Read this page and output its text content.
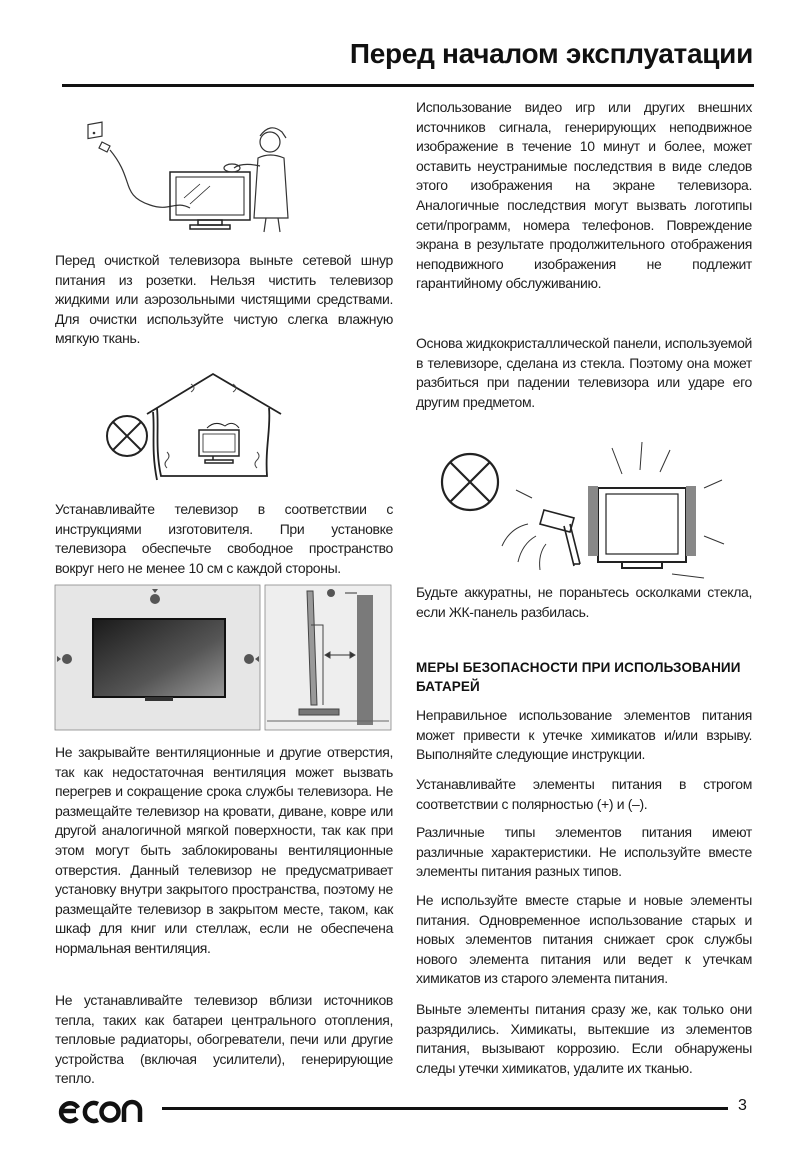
Перед началом эксплуатации

Перед очисткой телевизора выньте сетевой шнур питания из розетки. Нельзя чистить телевизор жидкими или аэрозольными чистящими средствами. Для очистки используйте чистую слегка влажную мягкую ткань.

Устанавливайте телевизор в соответствии с инструкциями изготовителя. При установке телевизора обеспечьте свободное пространство вокруг него не менее 10 см с каждой стороны.

Не закрывайте вентиляционные и другие отверстия, так как недостаточная вентиляция может вызвать перегрев и сокращение срока службы телевизора. Не размещайте телевизор на кровати, диване, ковре или другой аналогичной мягкой поверхности, так как при этом могут быть заблокированы вентиляционные отверстия. Данный телевизор не предусматривает установку внутри закрытого пространства, поэтому не размещайте телевизор в закрытом месте, таком, как шкаф для книг или стеллаж, если не обеспечена нормальная вентиляция.

Не устанавливайте телевизор вблизи источников тепла, таких как батареи центрального отопления, тепловые радиаторы, обогреватели, печи или другие устройства (включая усилители), генерирующие тепло.

Использование видео игр или других внешних источников сигнала, генерирующих неподвижное изображение в течение 10 минут и более, может оставить неустранимые последствия в виде следов этого изображения на экране телевизора. Аналогичные последствия могут вызвать логотипы сети/программ, номера телефонов. Повреждение экрана в результате продолжительного отображения неподвижного изображения не подлежит гарантийному обслуживанию.

Основа жидкокристаллической панели, используемой в телевизоре, сделана из стекла. Поэтому она может разбиться при падении телевизора или ударе его другим предметом.

Будьте аккуратны, не пораньтесь осколками стекла, если ЖК-панель разбилась.

МЕРЫ БЕЗОПАСНОСТИ ПРИ ИСПОЛЬЗОВАНИИ
БАТАРЕЙ

Неправильное использование элементов питания может привести к утечке химикатов и/или взрыву. Выполняйте следующие инструкции.

Устанавливайте элементы питания в строгом соответствии с полярностью (+) и (–).

Различные типы элементов питания имеют различные характеристики. Не используйте вместе элементы питания разных типов.

Не используйте вместе старые и новые элементы питания. Одновременное использование старых и новых элементов питания снижает срок службы нового элемента питания или ведет к утечкам химикатов из старого элемента питания.

Выньте элементы питания сразу же, как только они разрядились. Химикаты, вытекшие из элементов питания, вызывают коррозию. Если обнаружены следы утечки химикатов, удалите их тканью.

3
